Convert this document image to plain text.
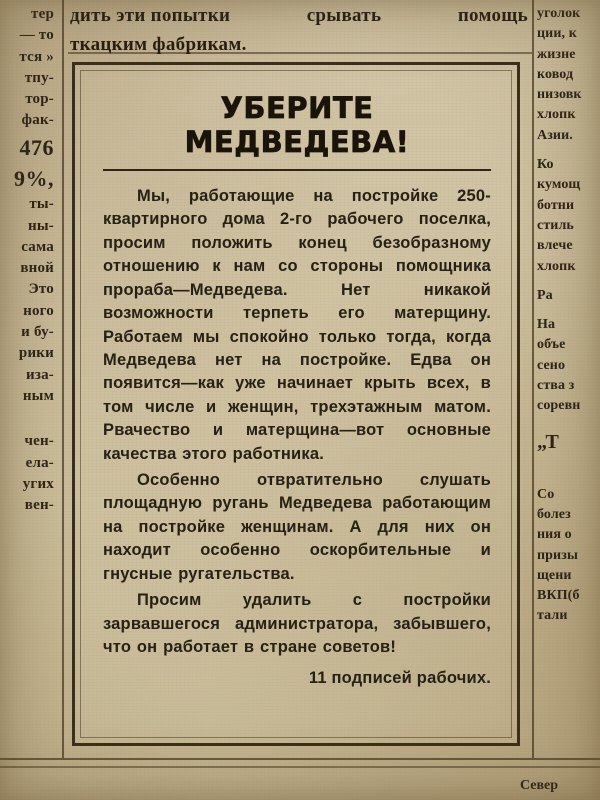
тер
— то
тся »
тпу-
тор-
фак-
476
9%,
ты-
ны-
сама
вной
Это
ного
и бу-
рики
иза-
ным
чен-
ела-
угих
вен-
уголок
ции, к
жизне
ковод
низовк
хлопк
Азии.
Ко
кумощ
ботни
стиль
влече
хлопк
Ра
На
объе
сено
ства з
соревн
„Т
Со
болез
ния о
призы
щени
ВКП(б
тали
дить эти попытки	срывать	помощь
ткацким фабрикам.
УБЕРИТЕ МЕДВЕДЕВА!

Мы, работающие на постройке 250-квартирного дома 2-го рабочего поселка, просим положить конец безобразному отношению к нам со стороны помощника прораба—Медведева. Нет никакой возможности терпеть его матерщину. Работаем мы спокойно только тогда, когда Медведева нет на постройке. Едва он появится—как уже начинает крыть всех, в том числе и женщин, трехэтажным матом. Рвачество и матерщина—вот основные качества этого работника.

Особенно отвратительно слушать площадную ругань Медведева работающим на постройке женщинам. А для них он находит особенно оскорбительные и гнусные ругательства.

Просим удалить с постройки зарвавшегося администратора, забывшего, что он работает в стране советов!

11 подписей рабочих.
Север
